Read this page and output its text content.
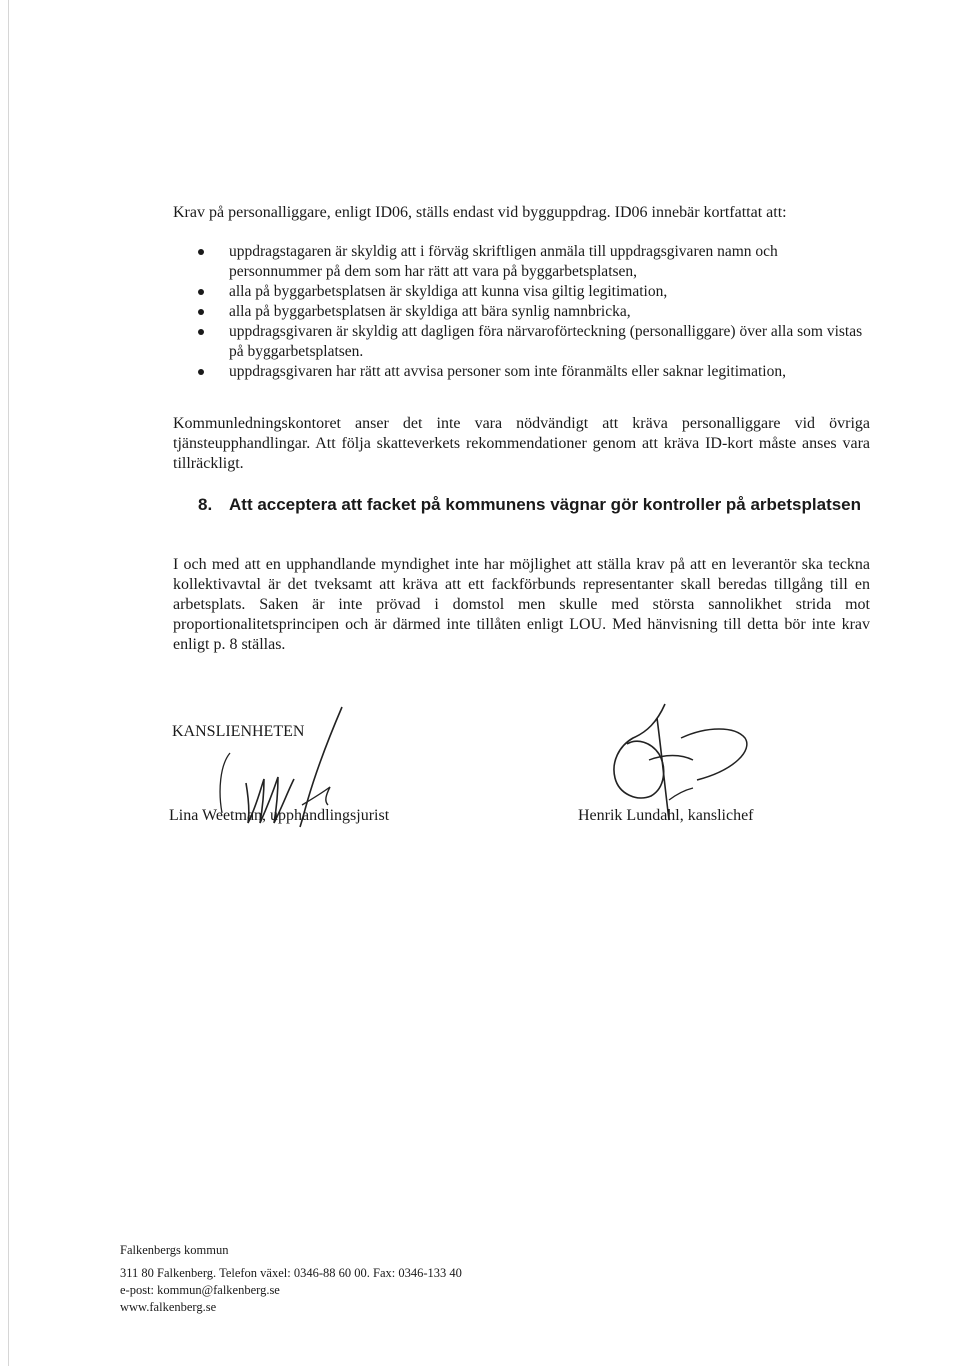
Krav på personalliggare, enligt ID06, ställs endast vid bygguppdrag. ID06 innebär kortfattat att:

uppdragstagaren är skyldig att i förväg skriftligen anmäla till uppdragsgivaren namn och personnummer på dem som har rätt att vara på byggarbetsplatsen,
alla på byggarbetsplatsen är skyldiga att kunna visa giltig legitimation,
alla på byggarbetsplatsen är skyldiga att bära synlig namnbricka,
uppdragsgivaren är skyldig att dagligen föra närvaroförteckning (personalliggare) över alla som vistas på byggarbetsplatsen.
uppdragsgivaren har rätt att avvisa personer som inte föranmälts eller saknar legitimation,

Kommunledningskontoret anser det inte vara nödvändigt att kräva personalliggare vid övriga tjänsteupphandlingar. Att följa skatteverkets rekommendationer genom att kräva ID-kort måste anses vara tillräckligt.

8. Att acceptera att facket på kommunens vägnar gör kontroller på arbetsplatsen

I och med att en upphandlande myndighet inte har möjlighet att ställa krav på att en leverantör ska teckna kollektivavtal är det tveksamt att kräva att ett fackförbunds representanter skall beredas tillgång till en arbetsplats. Saken är inte prövad i domstol men skulle med största sannolikhet strida mot proportionalitetsprincipen och är därmed inte tillåten enligt LOU. Med hänvisning till detta bör inte krav enligt p. 8 ställas.

KANSLIENHETEN

Lina Weetman, upphandlingsjurist	Henrik Lundahl, kanslichef

Falkenbergs kommun
311 80 Falkenberg. Telefon växel: 0346-88 60 00. Fax: 0346-133 40
e-post: kommun@falkenberg.se
www.falkenberg.se
